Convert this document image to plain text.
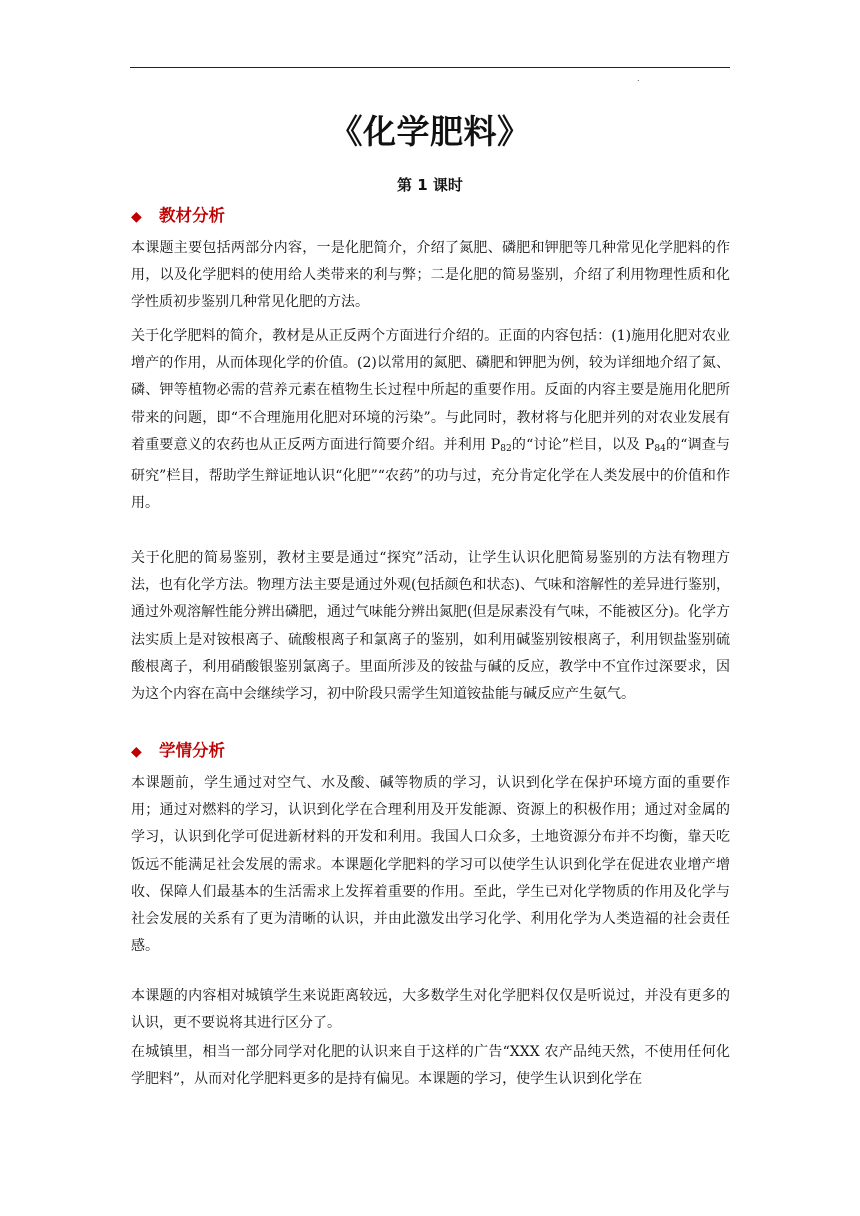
.
《化学肥料》
第 1 课时
◆ 教材分析

本课题主要包括两部分内容，一是化肥简介，介绍了氮肥、磷肥和钾肥等几种常见化学肥料的作用，以及化学肥料的使用给人类带来的利与弊；二是化肥的简易鉴别，介绍了利用物理性质和化学性质初步鉴别几种常见化肥的方法。

关于化学肥料的简介，教材是从正反两个方面进行介绍的。正面的内容包括：(1)施用化肥对农业增产的作用，从而体现化学的价值。(2)以常用的氮肥、磷肥和钾肥为例，较为详细地介绍了氮、磷、钾等植物必需的营养元素在植物生长过程中所起的重要作用。反面的内容主要是施用化肥所带来的问题，即“不合理施用化肥对环境的污染”。与此同时，教材将与化肥并列的对农业发展有着重要意义的农药也从正反两方面进行简要介绍。并利用 $P_{82}$的“讨论”栏目，以及 $P_{84}$的“调查与研究”栏目，帮助学生辩证地认识“化肥”“农药”的功与过，充分肯定化学在人类发展中的价值和作用。

关于化肥的简易鉴别，教材主要是通过“探究”活动，让学生认识化肥简易鉴别的方法有物理方法，也有化学方法。物理方法主要是通过外观(包括颜色和状态)、气味和溶解性的差异进行鉴别，通过外观溶解性能分辨出磷肥，通过气味能分辨出氮肥(但是尿素没有气味，不能被区分)。化学方法实质上是对铵根离子、硫酸根离子和氯离子的鉴别，如利用碱鉴别铵根离子，利用钡盐鉴别硫酸根离子，利用硝酸银鉴别氯离子。里面所涉及的铵盐与碱的反应，教学中不宜作过深要求，因为这个内容在高中会继续学习，初中阶段只需学生知道铵盐能与碱反应产生氨气。

◆ 学情分析

本课题前，学生通过对空气、水及酸、碱等物质的学习，认识到化学在保护环境方面的重要作用；通过对燃料的学习，认识到化学在合理利用及开发能源、资源上的积极作用；通过对金属的学习，认识到化学可促进新材料的开发和利用。我国人口众多，土地资源分布并不均衡，靠天吃饭远不能满足社会发展的需求。本课题化学肥料的学习可以使学生认识到化学在促进农业增产增收、保障人们最基本的生活需求上发挥着重要的作用。至此，学生已对化学物质的作用及化学与社会发展的关系有了更为清晰的认识，并由此激发出学习化学、利用化学为人类造福的社会责任感。

本课题的内容相对城镇学生来说距离较远，大多数学生对化学肥料仅仅是听说过，并没有更多的认识，更不要说将其进行区分了。

在城镇里，相当一部分同学对化肥的认识来自于这样的广告“XXX 农产品纯天然，不使用任何化学肥料”，从而对化学肥料更多的是持有偏见。本课题的学习，使学生认识到化学在
